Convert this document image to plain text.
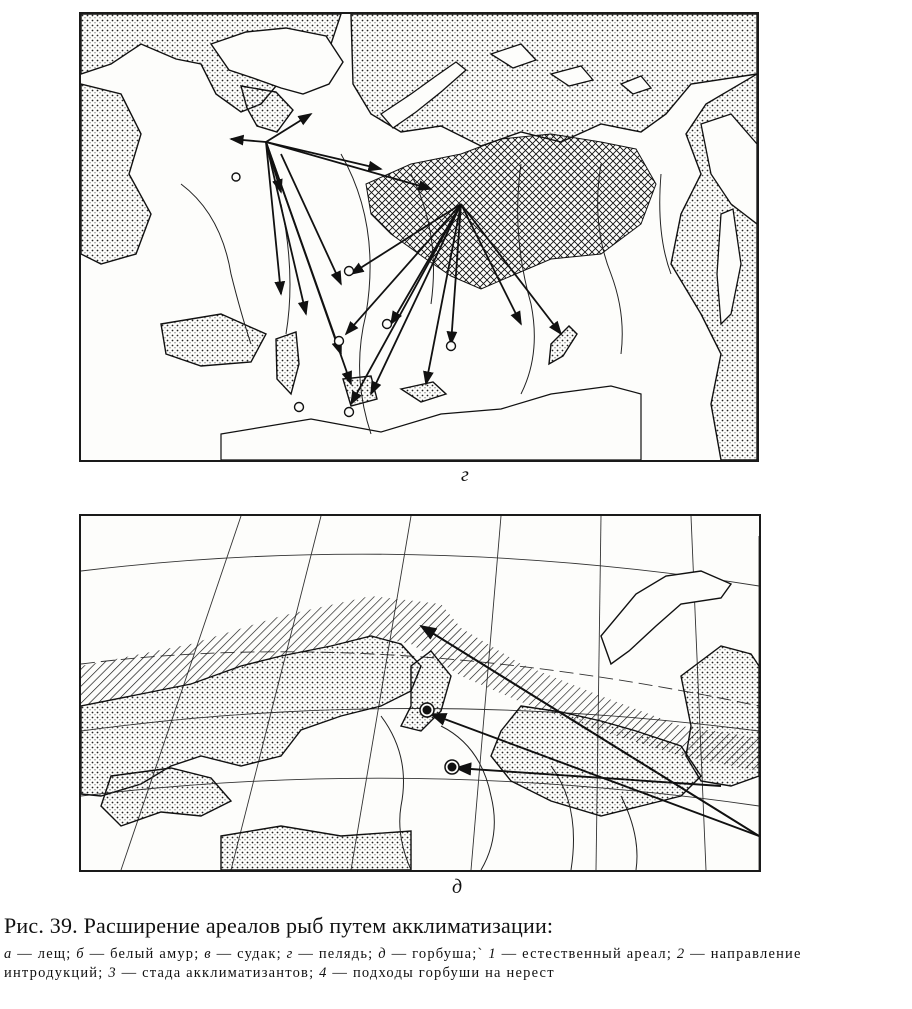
г
д
Рис. 39. Расширение ареалов рыб путем акклиматизации:
а — лещ; б — белый амур; в — судак; г — пелядь; д — горбуша;` 1 — естественный ареал; 2 — направление интродукций; 3 — стада акклиматизантов; 4 — подходы горбуши на нерест
